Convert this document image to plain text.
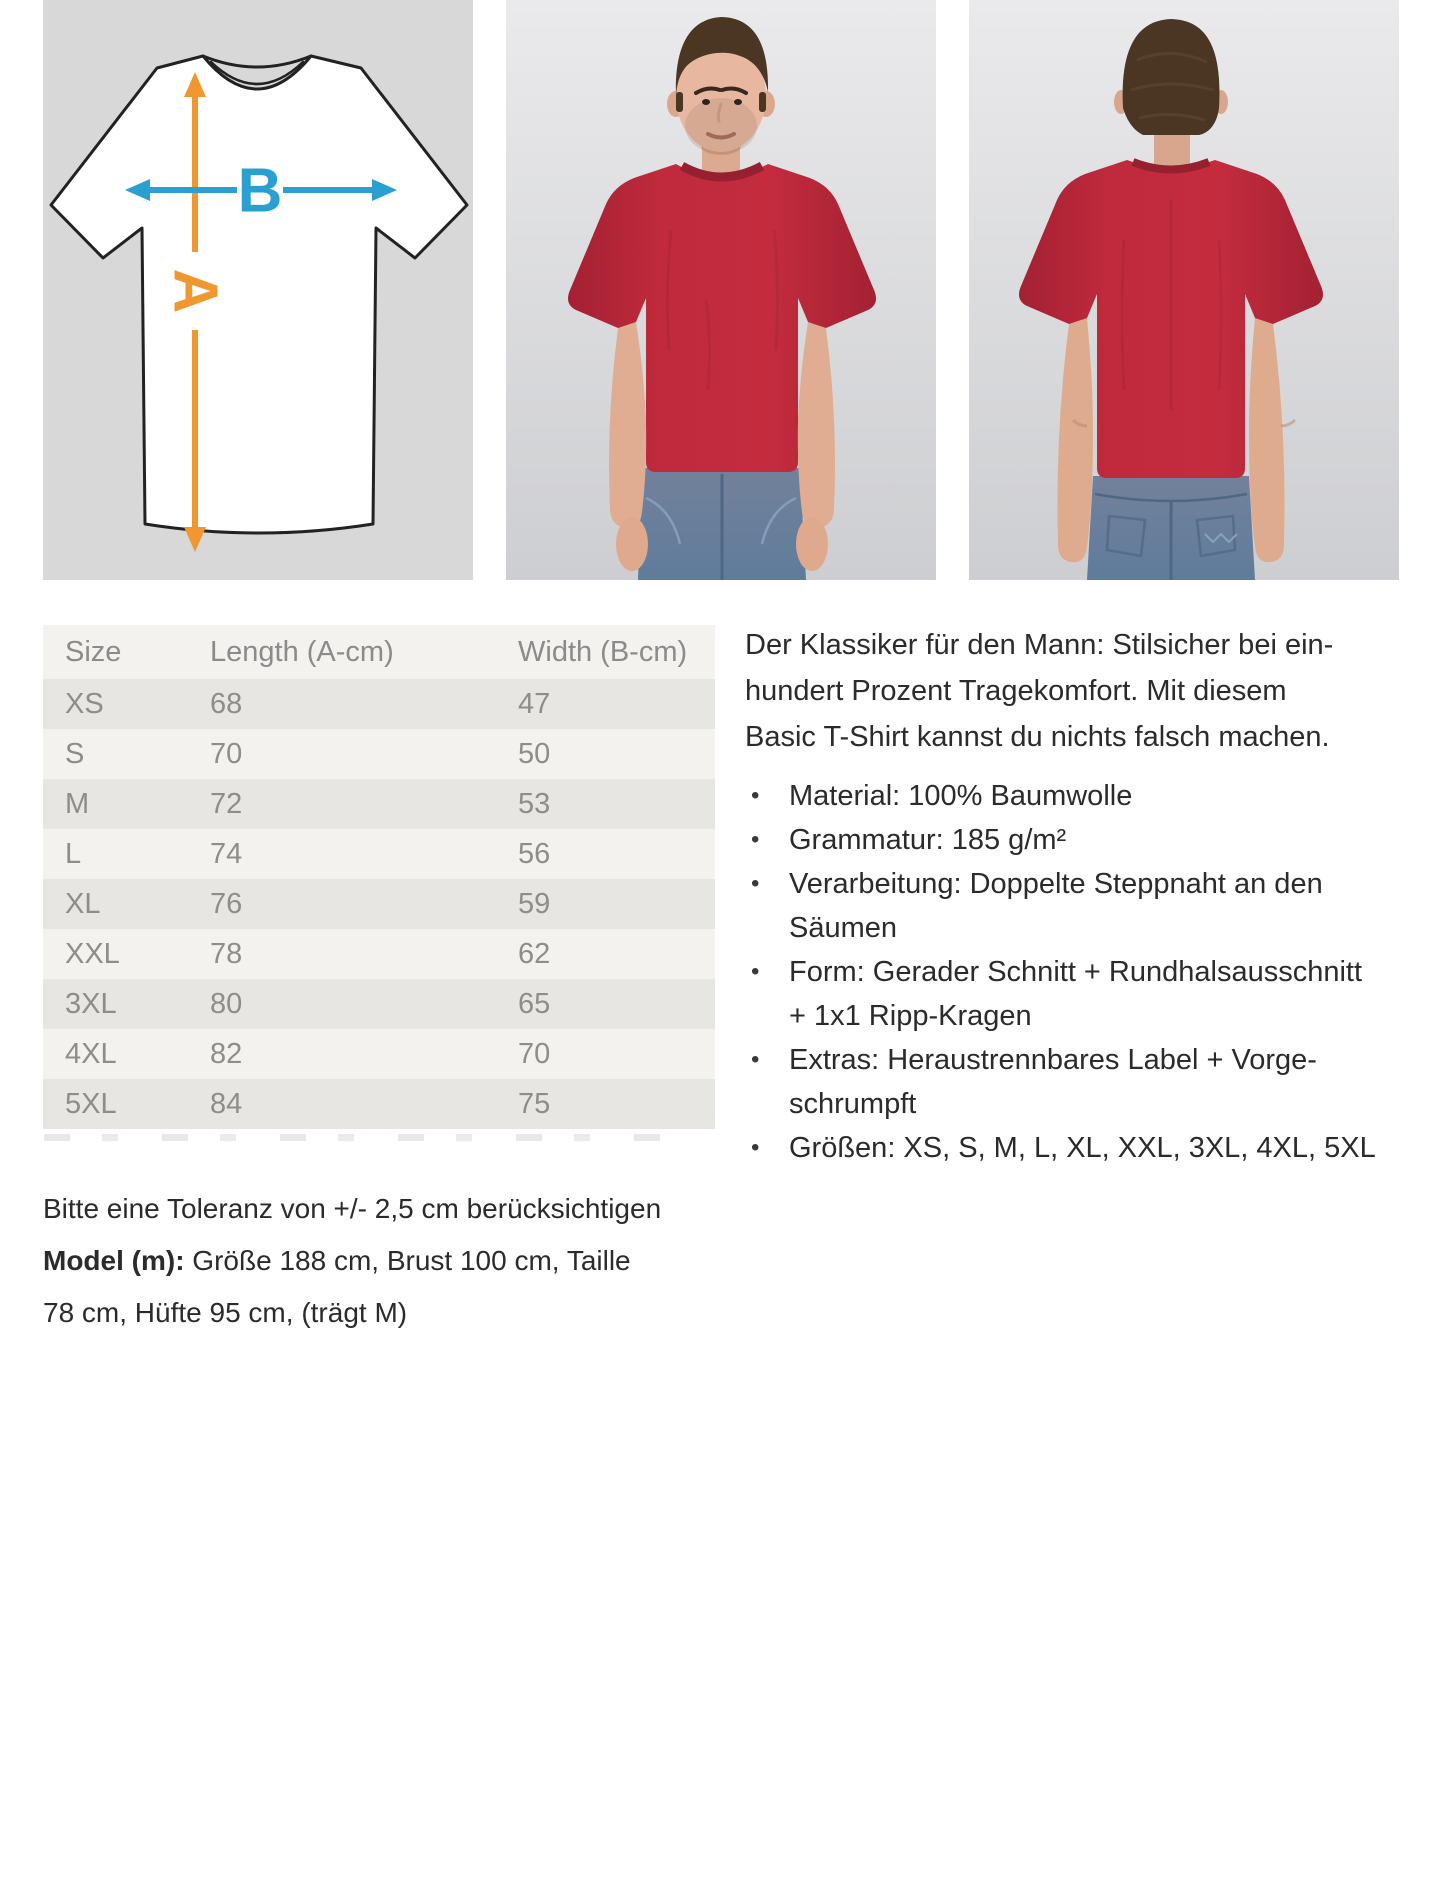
A
B
Size	Length (A-cm)	Width (B-cm)
XS	68	47
S	70	50
M	72	53
L	74	56
XL	76	59
XXL	78	62
3XL	80	65
4XL	82	70
5XL	84	75
Bitte eine Toleranz von +/- 2,5 cm berücksichtigen
Model (m): Größe 188 cm, Brust 100 cm, Taille
78 cm, Hüfte 95 cm, (trägt M)
Der Klassiker für den Mann: Stilsicher bei ein-
hundert Prozent Tragekomfort. Mit diesem
Basic T-Shirt kannst du nichts falsch machen.
•	Material: 100% Baumwolle
•	Grammatur: 185 g/m²
•	Verarbeitung: Doppelte Steppnaht an den
Säumen
•	Form: Gerader Schnitt + Rundhalsausschnitt
+ 1x1 Ripp-Kragen
•	Extras: Heraustrennbares Label + Vorge-
schrumpft
•	Größen: XS, S, M, L, XL, XXL, 3XL, 4XL, 5XL
